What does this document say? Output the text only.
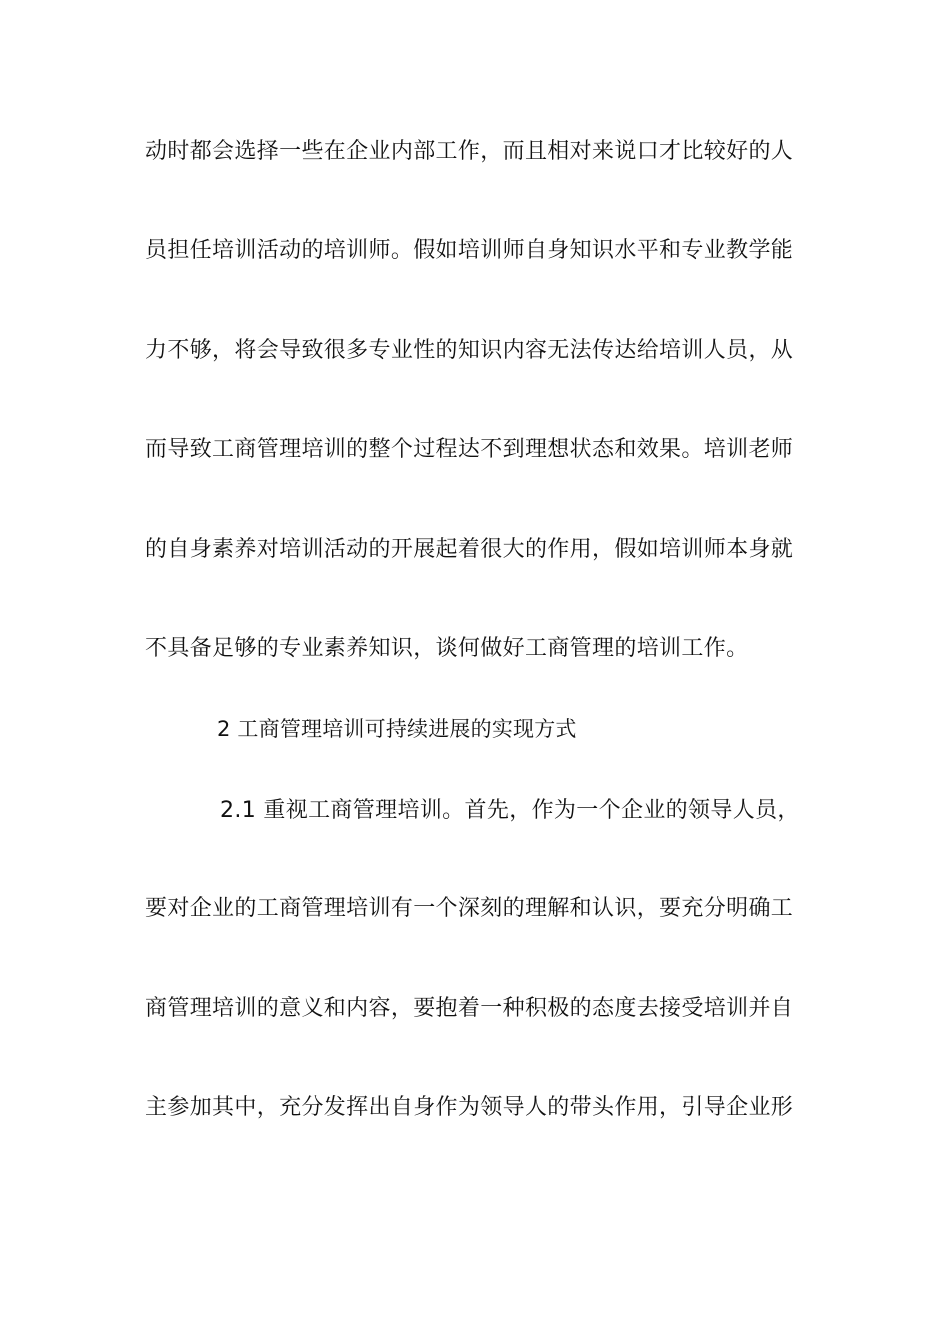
动时都会选择一些在企业内部工作，而且相对来说口才比较好的人
员担任培训活动的培训师。假如培训师自身知识水平和专业教学能
力不够，将会导致很多专业性的知识内容无法传达给培训人员，从
而导致工商管理培训的整个过程达不到理想状态和效果。培训老师
的自身素养对培训活动的开展起着很大的作用，假如培训师本身就
不具备足够的专业素养知识，谈何做好工商管理的培训工作。
2 工商管理培训可持续进展的实现方式
2.1 重视工商管理培训。首先，作为一个企业的领导人员，
要对企业的工商管理培训有一个深刻的理解和认识，要充分明确工
商管理培训的意义和内容，要抱着一种积极的态度去接受培训并自
主参加其中，充分发挥出自身作为领导人的带头作用，引导企业形
